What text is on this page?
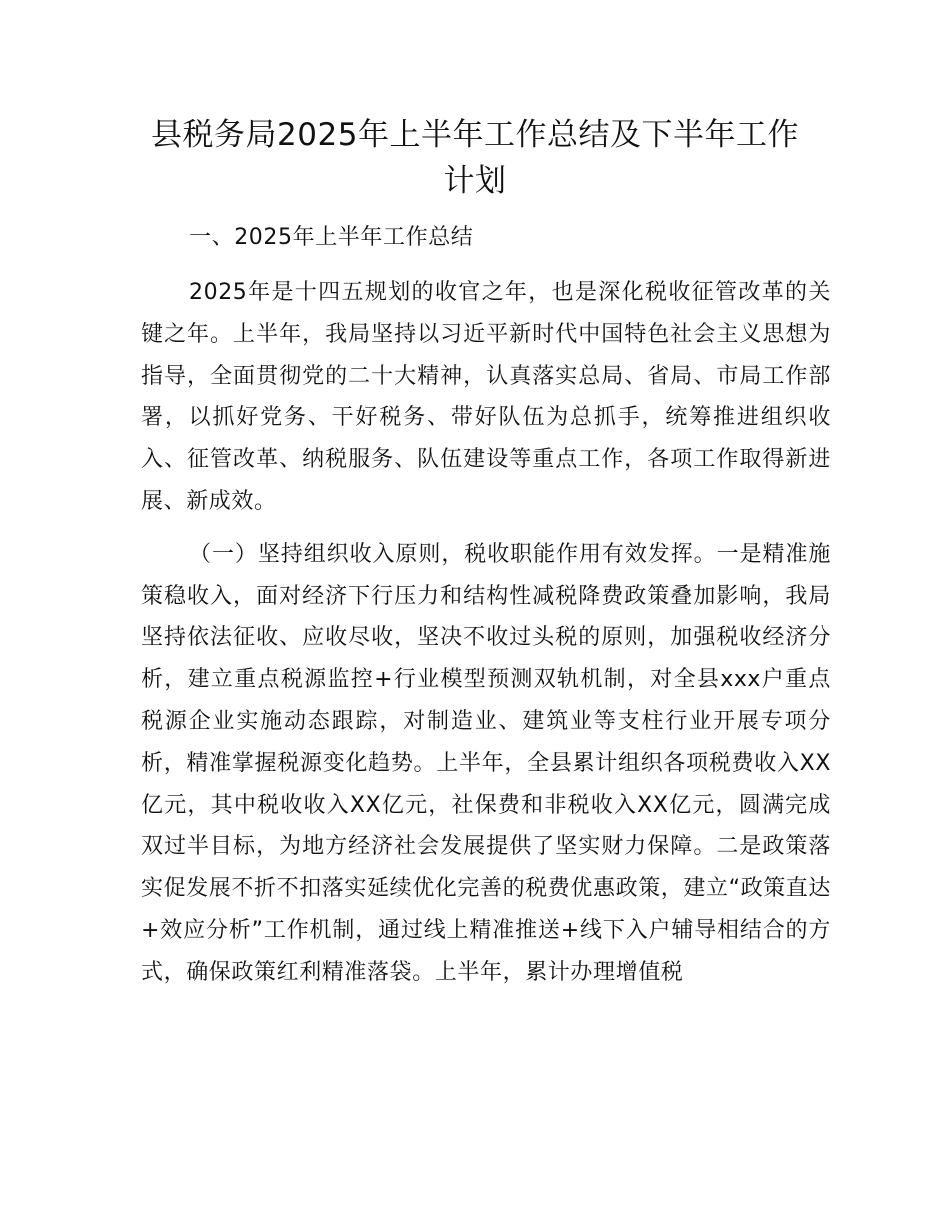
县税务局2025年上半年工作总结及下半年工作计划

一、2025年上半年工作总结

2025年是十四五规划的收官之年，也是深化税收征管改革的关键之年。上半年，我局坚持以习近平新时代中国特色社会主义思想为指导，全面贯彻党的二十大精神，认真落实总局、省局、市局工作部署，以抓好党务、干好税务、带好队伍为总抓手，统筹推进组织收入、征管改革、纳税服务、队伍建设等重点工作，各项工作取得新进展、新成效。

（一）坚持组织收入原则，税收职能作用有效发挥。一是精准施策稳收入，面对经济下行压力和结构性减税降费政策叠加影响，我局坚持依法征收、应收尽收，坚决不收过头税的原则，加强税收经济分析，建立重点税源监控+行业模型预测双轨机制，对全县xxx户重点税源企业实施动态跟踪，对制造业、建筑业等支柱行业开展专项分析，精准掌握税源变化趋势。上半年，全县累计组织各项税费收入XX亿元，其中税收收入XX亿元，社保费和非税收入XX亿元，圆满完成双过半目标，为地方经济社会发展提供了坚实财力保障。二是政策落实促发展不折不扣落实延续优化完善的税费优惠政策，建立“政策直达+效应分析”工作机制，通过线上精准推送+线下入户辅导相结合的方式，确保政策红利精准落袋。上半年，累计办理增值税
